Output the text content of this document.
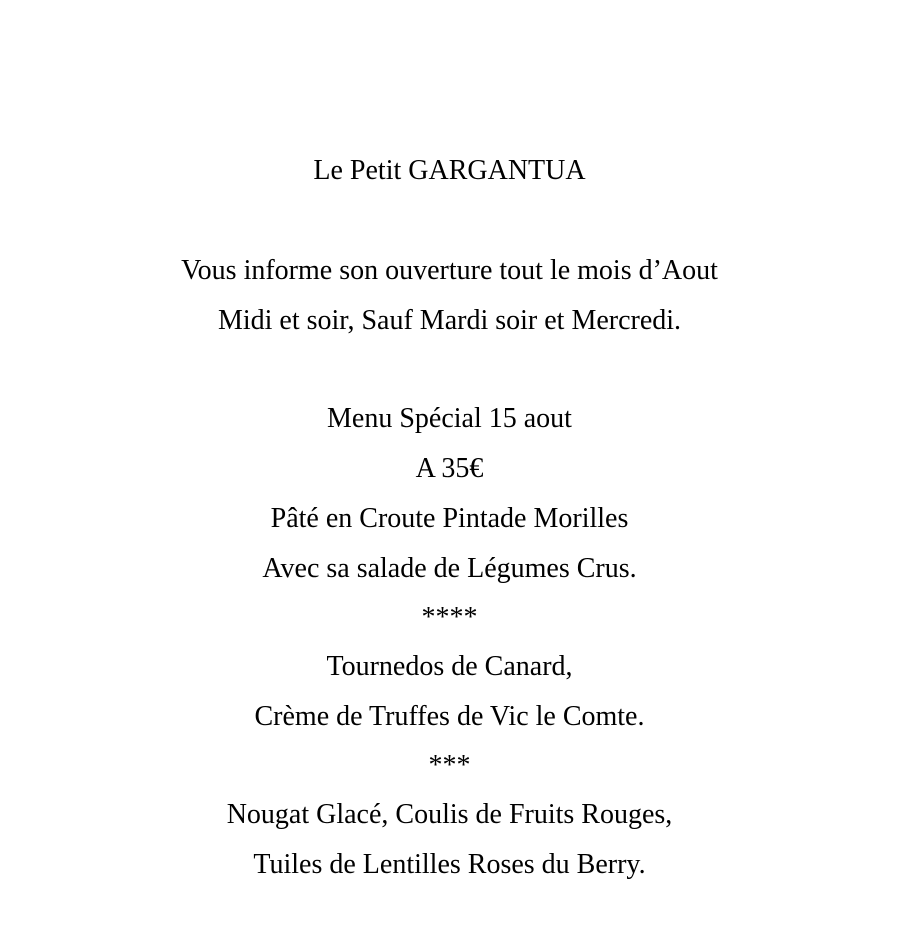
Le Petit GARGANTUA
Vous informe son ouverture tout le mois d’Aout
Midi et soir, Sauf Mardi soir et Mercredi.
Menu Spécial 15 aout
A 35€
Pâté en Croute Pintade Morilles
Avec sa salade de Légumes Crus.
****
Tournedos de Canard,
Crème de Truffes de Vic le Comte.
***
Nougat Glacé, Coulis de Fruits Rouges,
Tuiles de Lentilles Roses du Berry.
